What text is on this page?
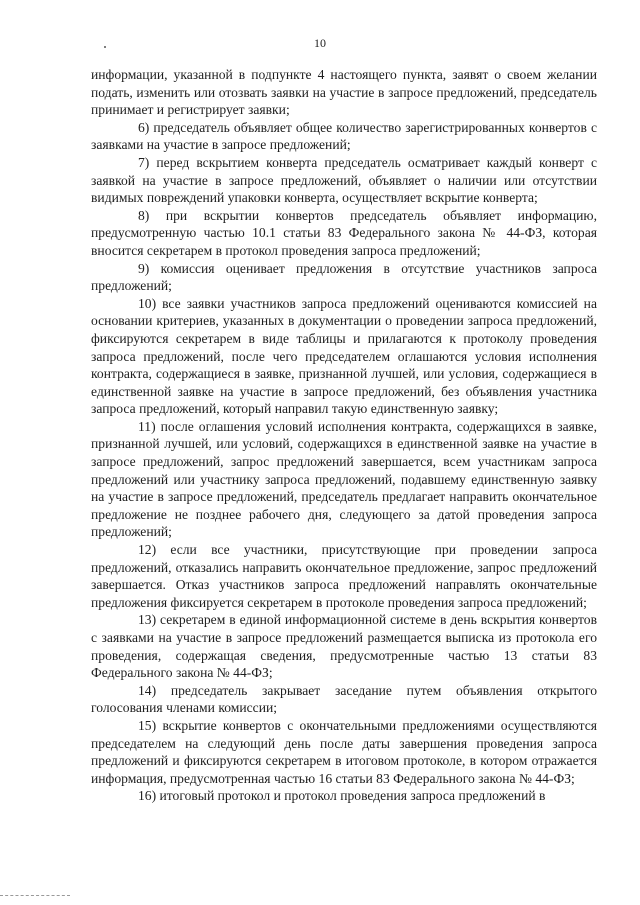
10

информации, указанной в подпункте 4 настоящего пункта, заявят о своем желании подать, изменить или отозвать заявки на участие в запросе предложений, председатель принимает и регистрирует заявки;

6) председатель объявляет общее количество зарегистрированных конвертов с заявками на участие в запросе предложений;

7) перед вскрытием конверта председатель осматривает каждый конверт с заявкой на участие в запросе предложений, объявляет о наличии или отсутствии видимых повреждений упаковки конверта, осуществляет вскрытие конверта;

8) при вскрытии конвертов председатель объявляет информацию, предусмотренную частью 10.1 статьи 83 Федерального закона № 44-ФЗ, которая вносится секретарем в протокол проведения запроса предложений;

9) комиссия оценивает предложения в отсутствие участников запроса предложений;

10) все заявки участников запроса предложений оцениваются комиссией на основании критериев, указанных в документации о проведении запроса предложений, фиксируются секретарем в виде таблицы и прилагаются к протоколу проведения запроса предложений, после чего председателем оглашаются условия исполнения контракта, содержащиеся в заявке, признанной лучшей, или условия, содержащиеся в единственной заявке на участие в запросе предложений, без объявления участника запроса предложений, который направил такую единственную заявку;

11) после оглашения условий исполнения контракта, содержащихся в заявке, признанной лучшей, или условий, содержащихся в единственной заявке на участие в запросе предложений, запрос предложений завершается, всем участникам запроса предложений или участнику запроса предложений, подавшему единственную заявку на участие в запросе предложений, председатель предлагает направить окончательное предложение не позднее рабочего дня, следующего за датой проведения запроса предложений;

12) если все участники, присутствующие при проведении запроса предложений, отказались направить окончательное предложение, запрос предложений завершается. Отказ участников запроса предложений направлять окончательные предложения фиксируется секретарем в протоколе проведения запроса предложений;

13) секретарем в единой информационной системе в день вскрытия конвертов с заявками на участие в запросе предложений размещается выписка из протокола его проведения, содержащая сведения, предусмотренные частью 13 статьи 83 Федерального закона № 44-ФЗ;

14) председатель закрывает заседание путем объявления открытого голосования членами комиссии;

15) вскрытие конвертов с окончательными предложениями осуществляются председателем на следующий день после даты завершения проведения запроса предложений и фиксируются секретарем в итоговом протоколе, в котором отражается информация, предусмотренная частью 16 статьи 83 Федерального закона № 44-ФЗ;

16) итоговый протокол и протокол проведения запроса предложений в
